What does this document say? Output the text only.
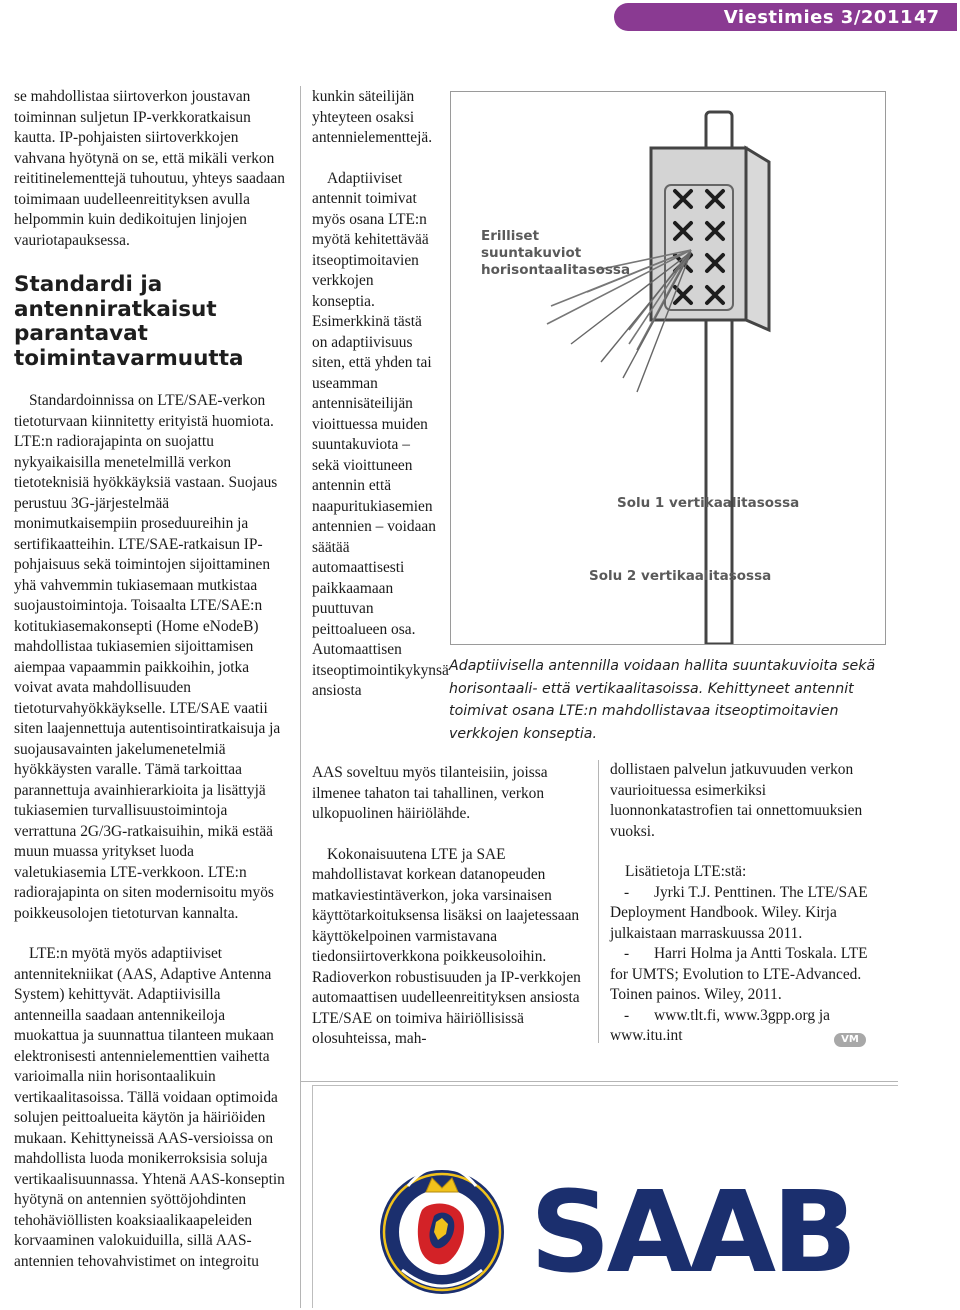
Viestimies 3/2011 47

se mahdollistaa siirtoverkon joustavan toiminnan suljetun IP-verkkoratkaisun kautta. IP-pohjaisten siirtoverkkojen vahvana hyötynä on se, että mikäli verkon reititinelementtejä tuhoutuu, yhteys saadaan toimimaan uudelleenreitityksen avulla helpommin kuin dedikoitujen linjojen vauriotapauksessa.

Standardi ja antenniratkaisut parantavat toimintavarmuutta

Standardoinnissa on LTE/SAE-verkon tietoturvaan kiinnitetty erityistä huomiota. LTE:n radiorajapinta on suojattu nykyaikaisilla menetelmillä verkon tietoteknisiä hyökkäyksiä vastaan. Suojaus perustuu 3G-järjestelmää monimutkaisempiin proseduureihin ja sertifikaatteihin. LTE/SAE-ratkaisun IP-pohjaisuus sekä toimintojen sijoittaminen yhä vahvemmin tukiasemaan mutkistaa suojaustoimintoja. Toisaalta LTE/SAE:n kotitukiasemakonsepti (Home eNodeB) mahdollistaa tukiasemien sijoittamisen aiempaa vapaammin paikkoihin, jotka voivat avata mahdollisuuden tietoturvahyökkäykselle. LTE/SAE vaatii siten laajennettuja autentisointiratkaisuja ja suojausavainten jakelumenetelmiä hyökkäysten varalle. Tämä tarkoittaa parannettuja avainhierarkioita ja lisättyjä tukiasemien turvallisuustoimintoja verrattuna 2G/3G-ratkaisuihin, mikä estää muun muassa yritykset luoda valetukiasemia LTE-verkkoon. LTE:n radiorajapinta on siten modernisoitu myös poikkeusolojen tietoturvan kannalta.

LTE:n myötä myös adaptiiviset antennitekniikat (AAS, Adaptive Antenna System) kehittyvät. Adaptiivisilla antenneilla saadaan antennikeiloja muokattua ja suunnattua tilanteen mukaan elektronisesti antennielementtien vaihetta varioimalla niin horisontaalikuin vertikaalitasoissa. Tällä voidaan optimoida solujen peittoalueita käytön ja häiriöiden mukaan. Kehittyneissä AAS-versioissa on mahdollista luoda monikerroksisia soluja vertikaalisuunnassa. Yhtenä AAS-konseptin hyötynä on antennien syöttöjohdinten tehohäviöllisten koaksiaalikaapeleiden korvaaminen valokuiduilla, sillä AAS-antennien tehovahvistimet on integroitu

kunkin säteilijän yhteyteen osaksi antennielementtejä.

Adaptiiviset antennit toimivat myös osana LTE:n myötä kehitettävää itseoptimoitavien verkkojen konseptia. Esimerkkinä tästä on adaptiivisuus siten, että yhden tai useamman antennisäteilijän vioittuessa muiden suuntakuviota – sekä vioittuneen antennin että naapuritukiasemien antennien – voidaan säätää automaattisesti paikkaamaan puuttuvan peittoalueen osa. Automaattisen itseoptimointikykynsä ansiosta

Erilliset suuntakuviot horisontaalitasossa
Solu 1 vertikaalitasossa
Solu 2 vertikaalitasossa
Adaptiivisella antennilla voidaan hallita suuntakuvioita sekä horisontaali- että vertikaalitasoissa. Kehittyneet antennit toimivat osana LTE:n mahdollistavaa itseoptimoitavien verkkojen konseptia.

AAS soveltuu myös tilanteisiin, joissa ilmenee tahaton tai tahallinen, verkon ulkopuolinen häiriölähde.

Kokonaisuutena LTE ja SAE mahdollistavat korkean datanopeuden matkaviestintäverkon, joka varsinaisen käyttötarkoituksensa lisäksi on laajetessaan käyttökelpoinen varmistavana tiedonsiirtoverkkona poikkeusoloihin. Radioverkon robustisuuden ja IP-verkkojen automaattisen uudelleenreitityksen ansiosta LTE/SAE on toimiva häiriöllisissä olosuhteissa, mah-

dollistaen palvelun jatkuvuuden verkon vaurioituessa esimerkiksi luonnonkatastrofien tai onnettomuuksien vuoksi.

Lisätietoja LTE:stä:

- Jyrki T.J. Penttinen. The LTE/SAE Deployment Handbook. Wiley. Kirja julkaistaan marraskuussa 2011.

- Harri Holma ja Antti Toskala. LTE for UMTS; Evolution to LTE-Advanced. Toinen painos. Wiley, 2011.

- www.tlt.fi, www.3gpp.org ja www.itu.int	VM
SAAB
